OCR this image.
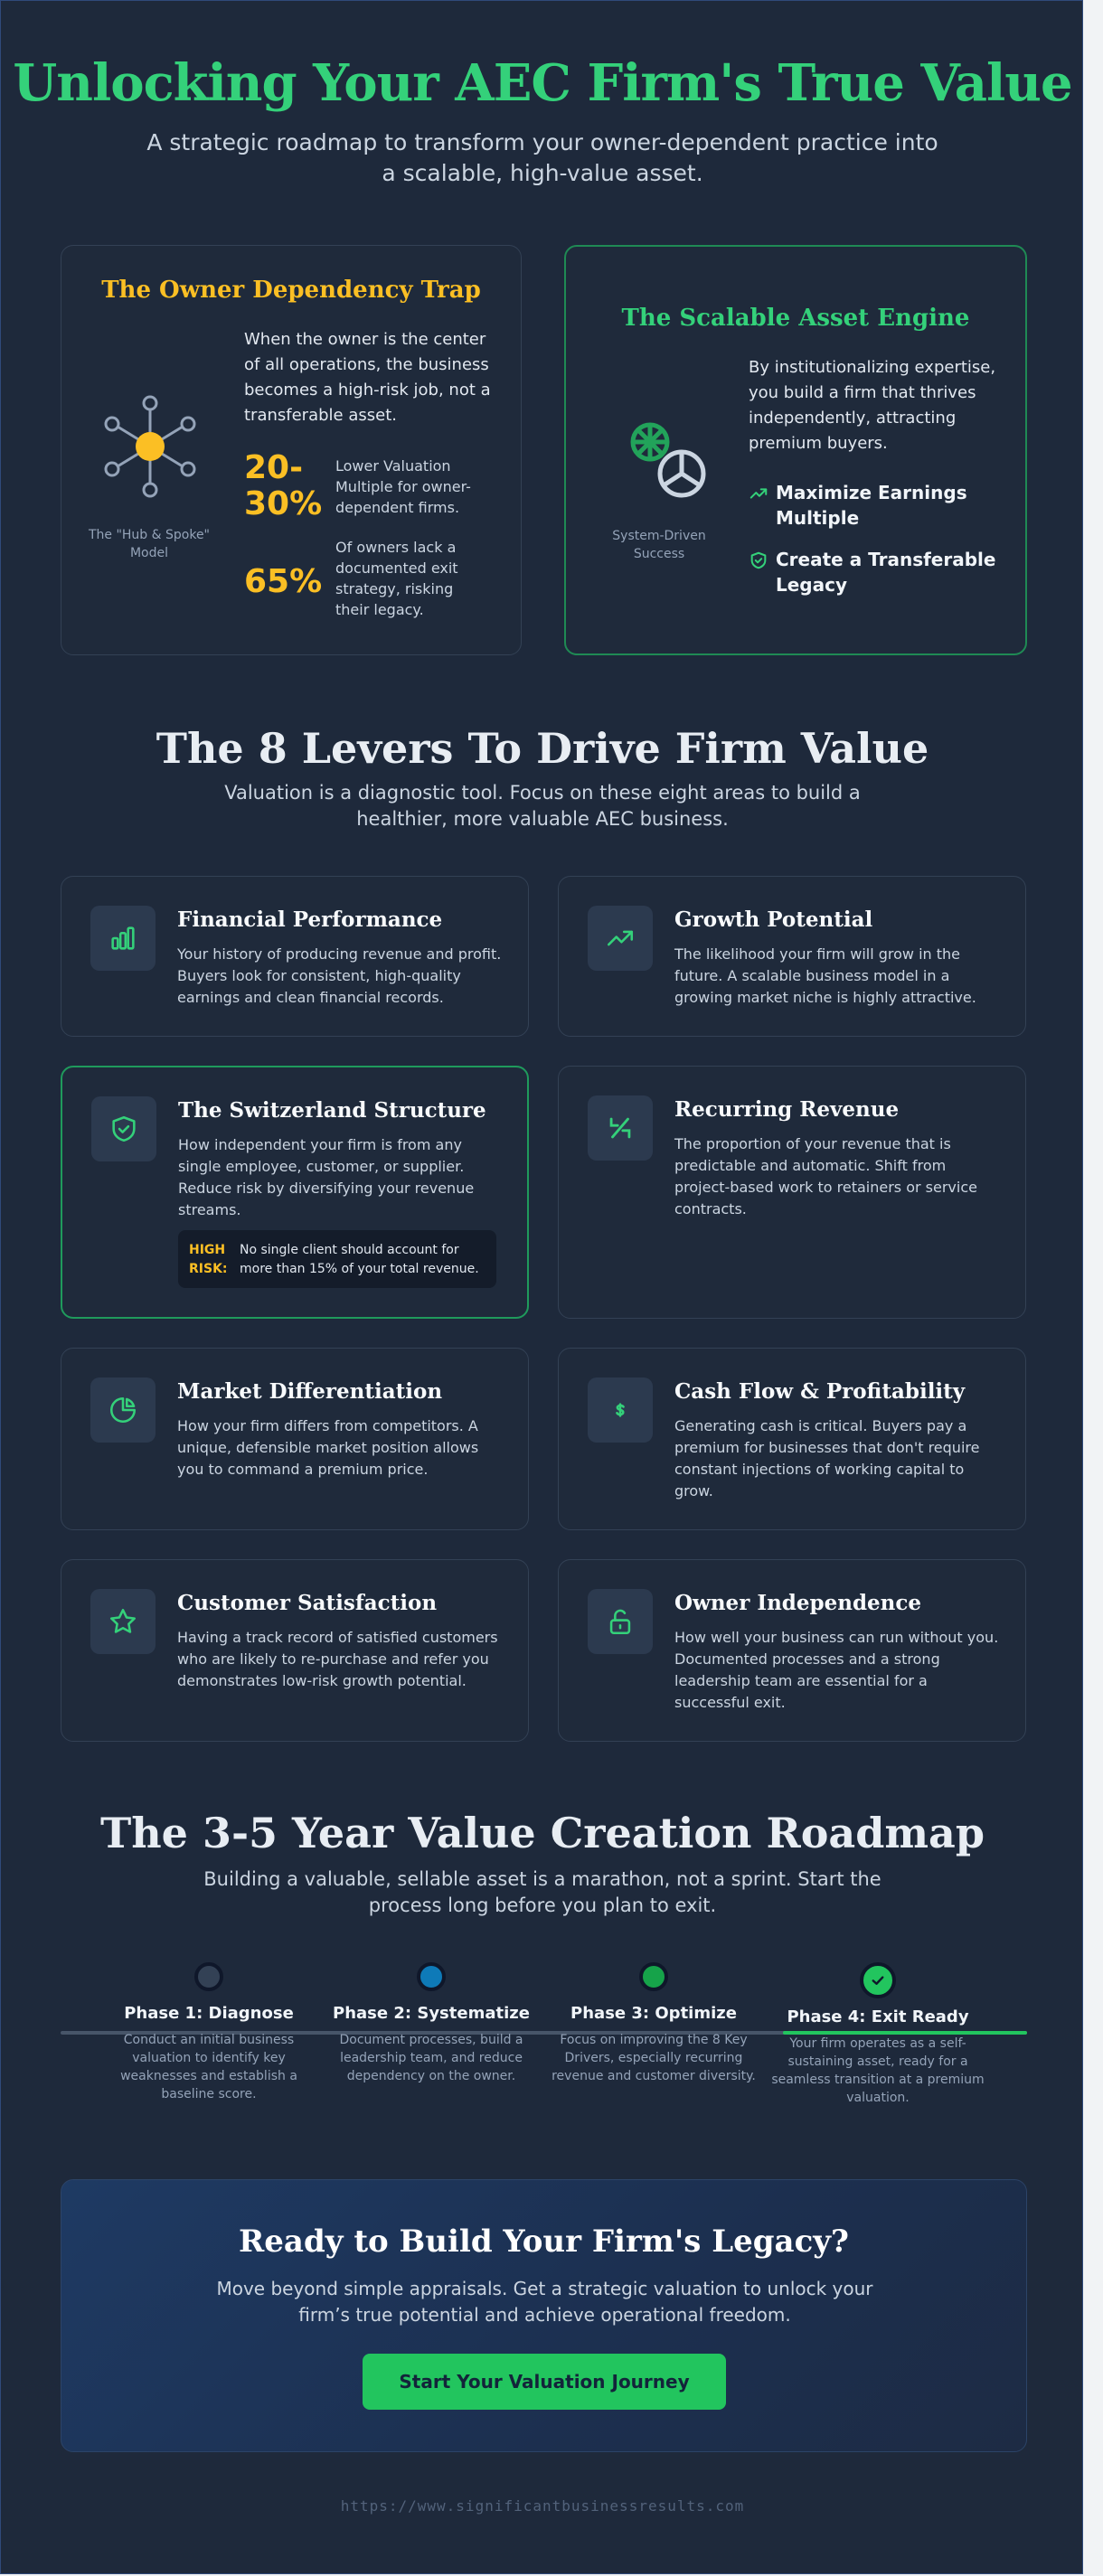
Unlocking Your AEC Firm's True Value
A strategic roadmap to transform your owner-dependent practice into a scalable, high-value asset.
The Owner Dependency Trap
The "Hub & Spoke" Model
When the owner is the center of all operations, the business becomes a high-risk job, not a transferable asset.
20-30%
Lower Valuation Multiple for owner-dependent firms.
65%
Of owners lack a documented exit strategy, risking their legacy.
The Scalable Asset Engine
System-Driven Success
By institutionalizing expertise, you build a firm that thrives independently, attracting premium buyers.
Maximize Earnings Multiple
Create a Transferable Legacy
The 8 Levers To Drive Firm Value
Valuation is a diagnostic tool. Focus on these eight areas to build a healthier, more valuable AEC business.
Financial Performance
Your history of producing revenue and profit. Buyers look for consistent, high-quality earnings and clean financial records.
Growth Potential
The likelihood your firm will grow in the future. A scalable business model in a growing market niche is highly attractive.
The Switzerland Structure
How independent your firm is from any single employee, customer, or supplier. Reduce risk by diversifying your revenue streams.
HIGH RISK:
No single client should account for more than 15% of your total revenue.
Recurring Revenue
The proportion of your revenue that is predictable and automatic. Shift from project-based work to retainers or service contracts.
Market Differentiation
How your firm differs from competitors. A unique, defensible market position allows you to command a premium price.
Cash Flow & Profitability
Generating cash is critical. Buyers pay a premium for businesses that don't require constant injections of working capital to grow.
Customer Satisfaction
Having a track record of satisfied customers who are likely to re-purchase and refer you demonstrates low-risk growth potential.
Owner Independence
How well your business can run without you. Documented processes and a strong leadership team are essential for a successful exit.
The 3-5 Year Value Creation Roadmap
Building a valuable, sellable asset is a marathon, not a sprint. Start the process long before you plan to exit.
Phase 1: Diagnose
Conduct an initial business valuation to identify key weaknesses and establish a baseline score.
Phase 2: Systematize
Document processes, build a leadership team, and reduce dependency on the owner.
Phase 3: Optimize
Focus on improving the 8 Key Drivers, especially recurring revenue and customer diversity.
Phase 4: Exit Ready
Your firm operates as a self-sustaining asset, ready for a seamless transition at a premium valuation.
Ready to Build Your Firm's Legacy?
Move beyond simple appraisals. Get a strategic valuation to unlock your firm’s true potential and achieve operational freedom.
Start Your Valuation Journey
https://www.significantbusinessresults.com
